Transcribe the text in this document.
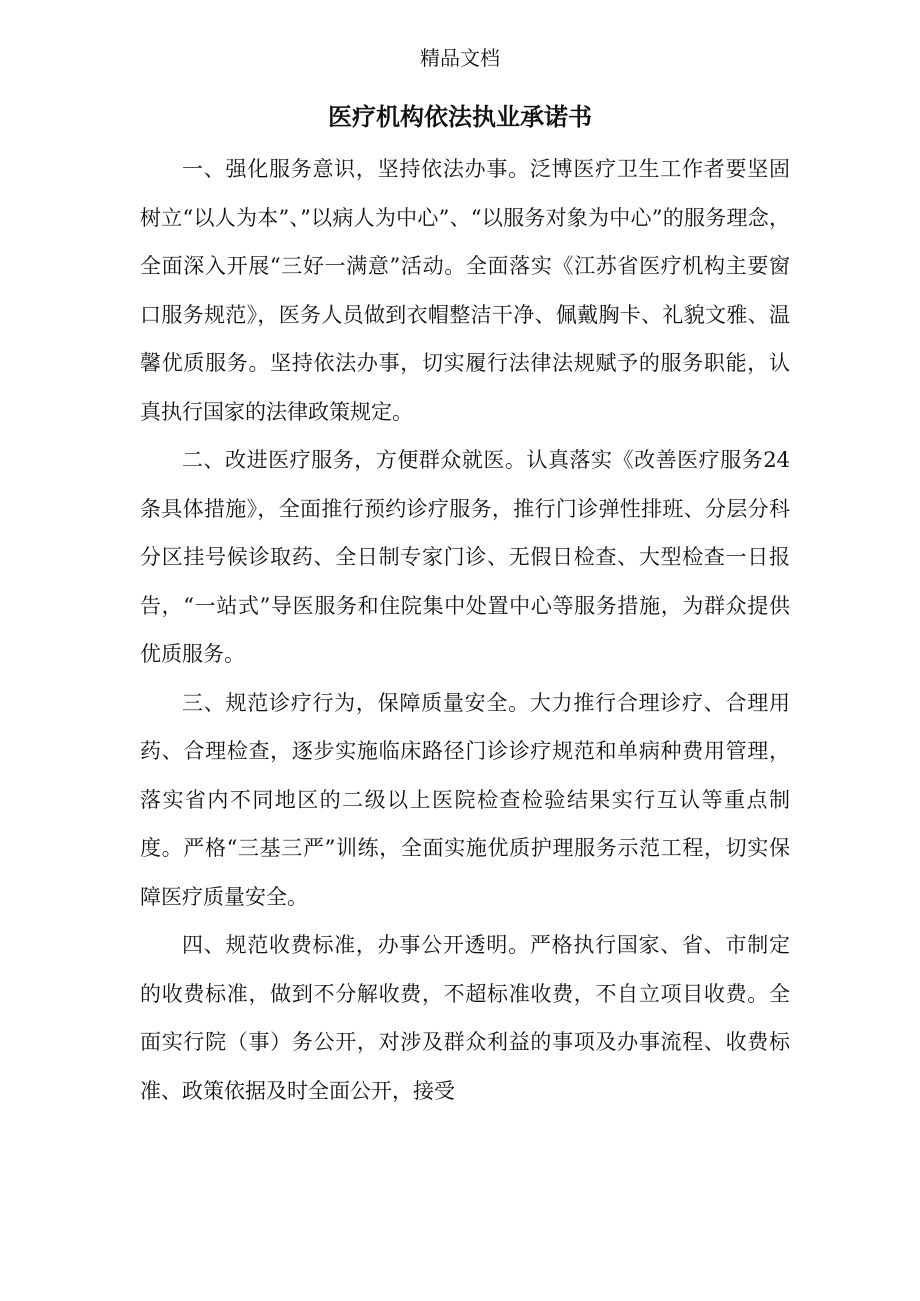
精品文档
医疗机构依法执业承诺书

一、强化服务意识，坚持依法办事。泛博医疗卫生工作者要坚固树立“以人为本”、”以病人为中心”、“以服务对象为中心”的服务理念，全面深入开展“三好一满意”活动。全面落实《江苏省医疗机构主要窗口服务规范》，医务人员做到衣帽整洁干净、佩戴胸卡、礼貌文雅、温馨优质服务。坚持依法办事，切实履行法律法规赋予的服务职能，认真执行国家的法律政策规定。

二、改进医疗服务，方便群众就医。认真落实《改善医疗服务24条具体措施》，全面推行预约诊疗服务，推行门诊弹性排班、分层分科分区挂号候诊取药、全日制专家门诊、无假日检查、大型检查一日报告，“一站式”导医服务和住院集中处置中心等服务措施，为群众提供优质服务。

三、规范诊疗行为，保障质量安全。大力推行合理诊疗、合理用药、合理检查，逐步实施临床路径门诊诊疗规范和单病种费用管理，落实省内不同地区的二级以上医院检查检验结果实行互认等重点制度。严格“三基三严”训练，全面实施优质护理服务示范工程，切实保障医疗质量安全。

四、规范收费标准，办事公开透明。严格执行国家、省、市制定的收费标准，做到不分解收费，不超标准收费，不自立项目收费。全面实行院（事）务公开，对涉及群众利益的事项及办事流程、收费标准、政策依据及时全面公开，接受
